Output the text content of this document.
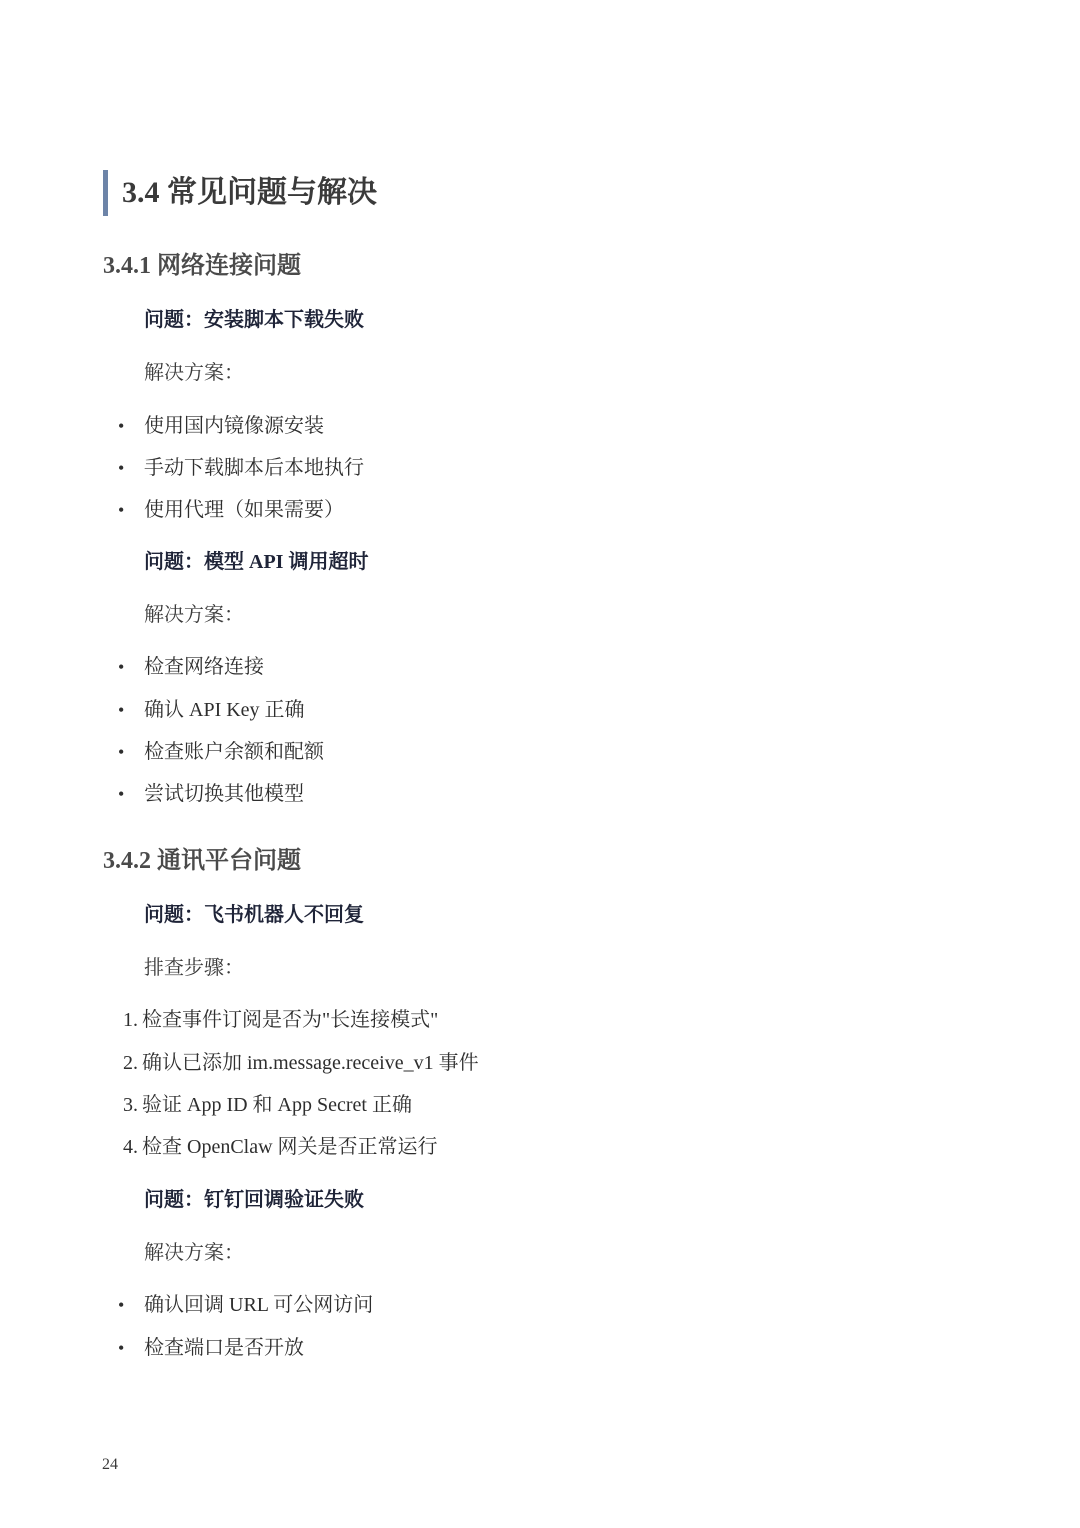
3.4 常见问题与解决
3.4.1 网络连接问题
问题：安装脚本下载失败
解决方案：
• 使用国内镜像源安装
• 手动下载脚本后本地执行
• 使用代理（如果需要）
问题：模型 API 调用超时
解决方案：
• 检查网络连接
• 确认 API Key 正确
• 检查账户余额和配额
• 尝试切换其他模型
3.4.2 通讯平台问题
问题：飞书机器人不回复
排查步骤：
1. 检查事件订阅是否为"长连接模式"
2. 确认已添加 im.message.receive_v1 事件
3. 验证 App ID 和 App Secret 正确
4. 检查 OpenClaw 网关是否正常运行
问题：钉钉回调验证失败
解决方案：
• 确认回调 URL 可公网访问
• 检查端口是否开放
24
